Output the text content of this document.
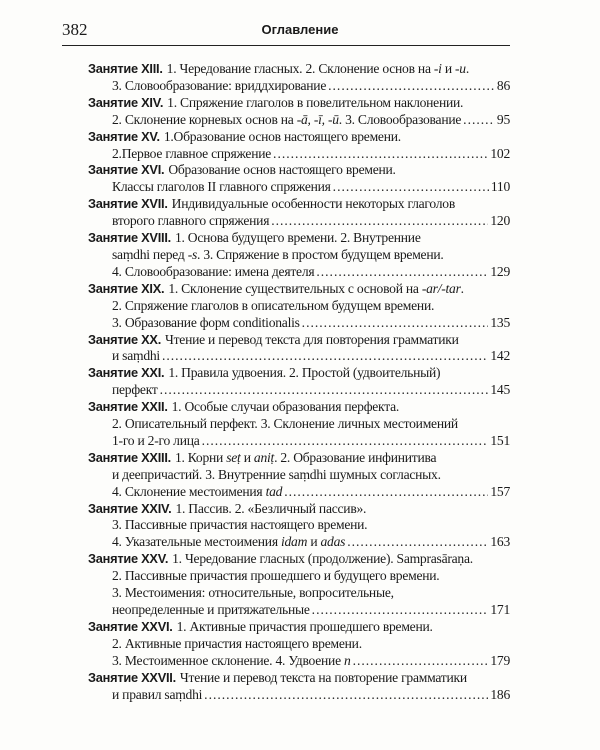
382	Оглавление
Занятие XIII. 1. Чередование гласных. 2. Склонение основ на -i и -u.
3. Словообразование: вриддхирование .....	86
Занятие XIV. 1. Спряжение глаголов в повелительном наклонении.
2. Склонение корневых основ на -ā, -ī, -ū. 3. Словообразование .....	95
Занятие XV. 1.Образование основ настоящего времени.
2.Первое главное спряжение .....	102
Занятие XVI. Образование основ настоящего времени.
Классы глаголов II главного спряжения .....	110
Занятие XVII. Индивидуальные особенности некоторых глаголов
второго главного спряжения .....	120
Занятие XVIII. 1. Основа будущего времени. 2. Внутренние
saṃdhi перед -s. 3. Спряжение в простом будущем времени.
4. Словообразование: имена деятеля .....	129
Занятие XIX. 1. Склонение существительных с основой на -ar/-tar.
2. Спряжение глаголов в описательном будущем времени.
3. Образование форм conditionalis .....	135
Занятие XX. Чтение и перевод текста для повторения грамматики
и saṃdhi .....	142
Занятие XXI. 1. Правила удвоения. 2. Простой (удвоительный)
перфект .....	145
Занятие XXII. 1. Особые случаи образования перфекта.
2. Описательный перфект. 3. Склонение личных местоимений
1-го и 2-го лица .....	151
Занятие XXIII. 1. Корни seṭ и aniṭ. 2. Образование инфинитива
и деепричастий. 3. Внутренние saṃdhi шумных согласных.
4. Склонение местоимения tad .....	157
Занятие XXIV. 1. Пассив. 2. «Безличный пассив».
3. Пассивные причастия настоящего времени.
4. Указательные местоимения idam и adas .....	163
Занятие XXV. 1. Чередование гласных (продолжение). Samprasāraṇa.
2. Пассивные причастия прошедшего и будущего времени.
3. Местоимения: относительные, вопросительные,
неопределенные и притяжательные .....	171
Занятие XXVI. 1. Активные причастия прошедшего времени.
2. Активные причастия настоящего времени.
3. Местоименное склонение. 4. Удвоение n .....	179
Занятие XXVII. Чтение и перевод текста на повторение грамматики
и правил saṃdhi .....	186
